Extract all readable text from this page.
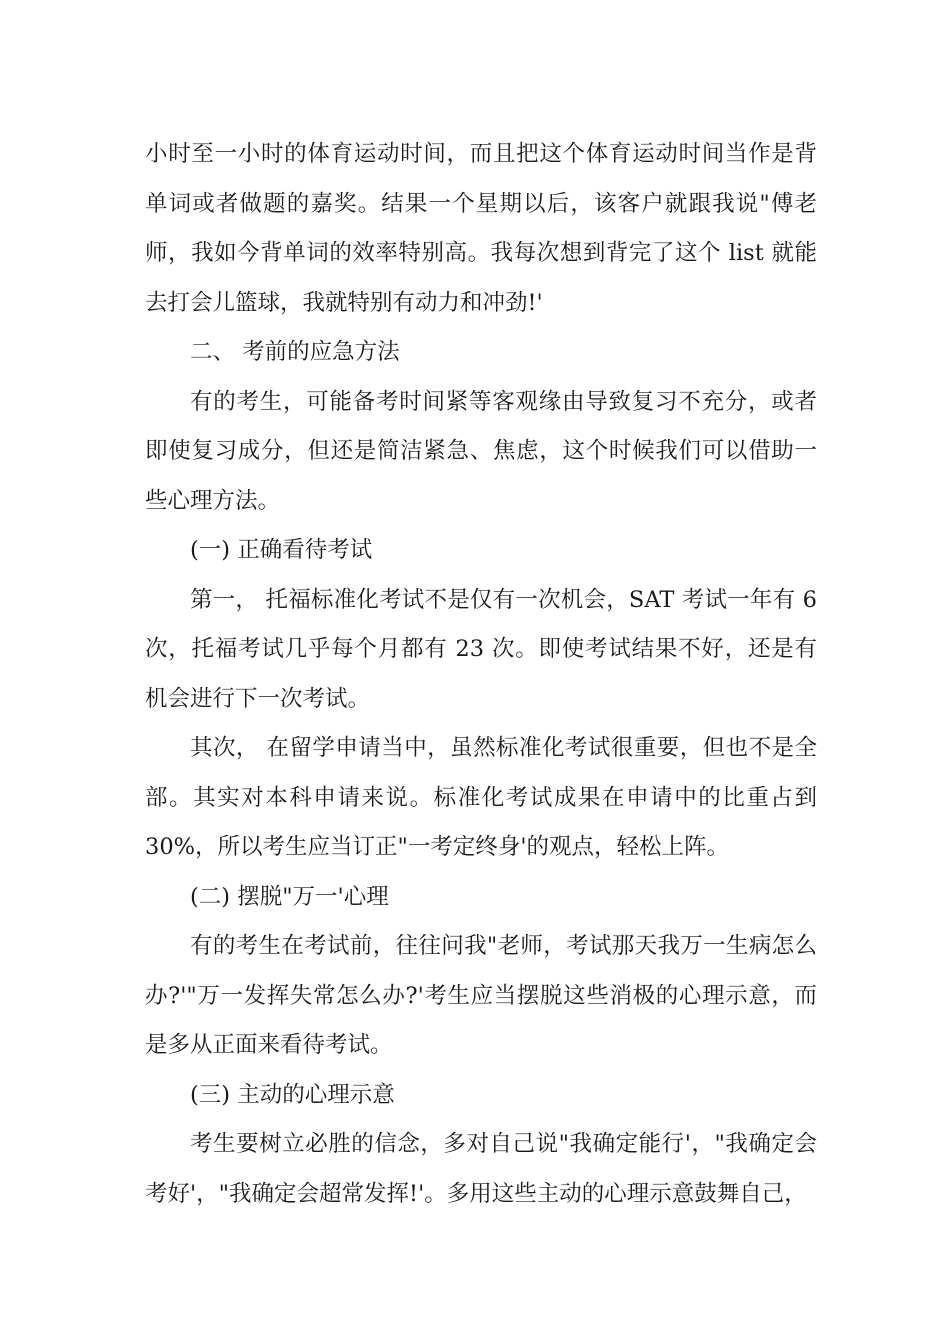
小时至一小时的体育运动时间，而且把这个体育运动时间当作是背单词或者做题的嘉奖。结果一个星期以后，该客户就跟我说"傅老师，我如今背单词的效率特别高。我每次想到背完了这个 list 就能去打会儿篮球，我就特别有动力和冲劲!'

二、 考前的应急方法

有的考生，可能备考时间紧等客观缘由导致复习不充分，或者即使复习成分，但还是简洁紧急、焦虑，这个时候我们可以借助一些心理方法。

(一) 正确看待考试

第一， 托福标准化考试不是仅有一次机会，SAT 考试一年有 6 次，托福考试几乎每个月都有 23 次。即使考试结果不好，还是有机会进行下一次考试。

其次， 在留学申请当中，虽然标准化考试很重要，但也不是全部。其实对本科申请来说。标准化考试成果在申请中的比重占到 30%，所以考生应当订正"一考定终身'的观点，轻松上阵。

(二) 摆脱"万一'心理

有的考生在考试前，往往问我"老师，考试那天我万一生病怎么办?'"万一发挥失常怎么办?'考生应当摆脱这些消极的心理示意，而是多从正面来看待考试。

(三) 主动的心理示意

考生要树立必胜的信念，多对自己说"我确定能行'，"我确定会考好'，"我确定会超常发挥!'。多用这些主动的心理示意鼓舞自己，
